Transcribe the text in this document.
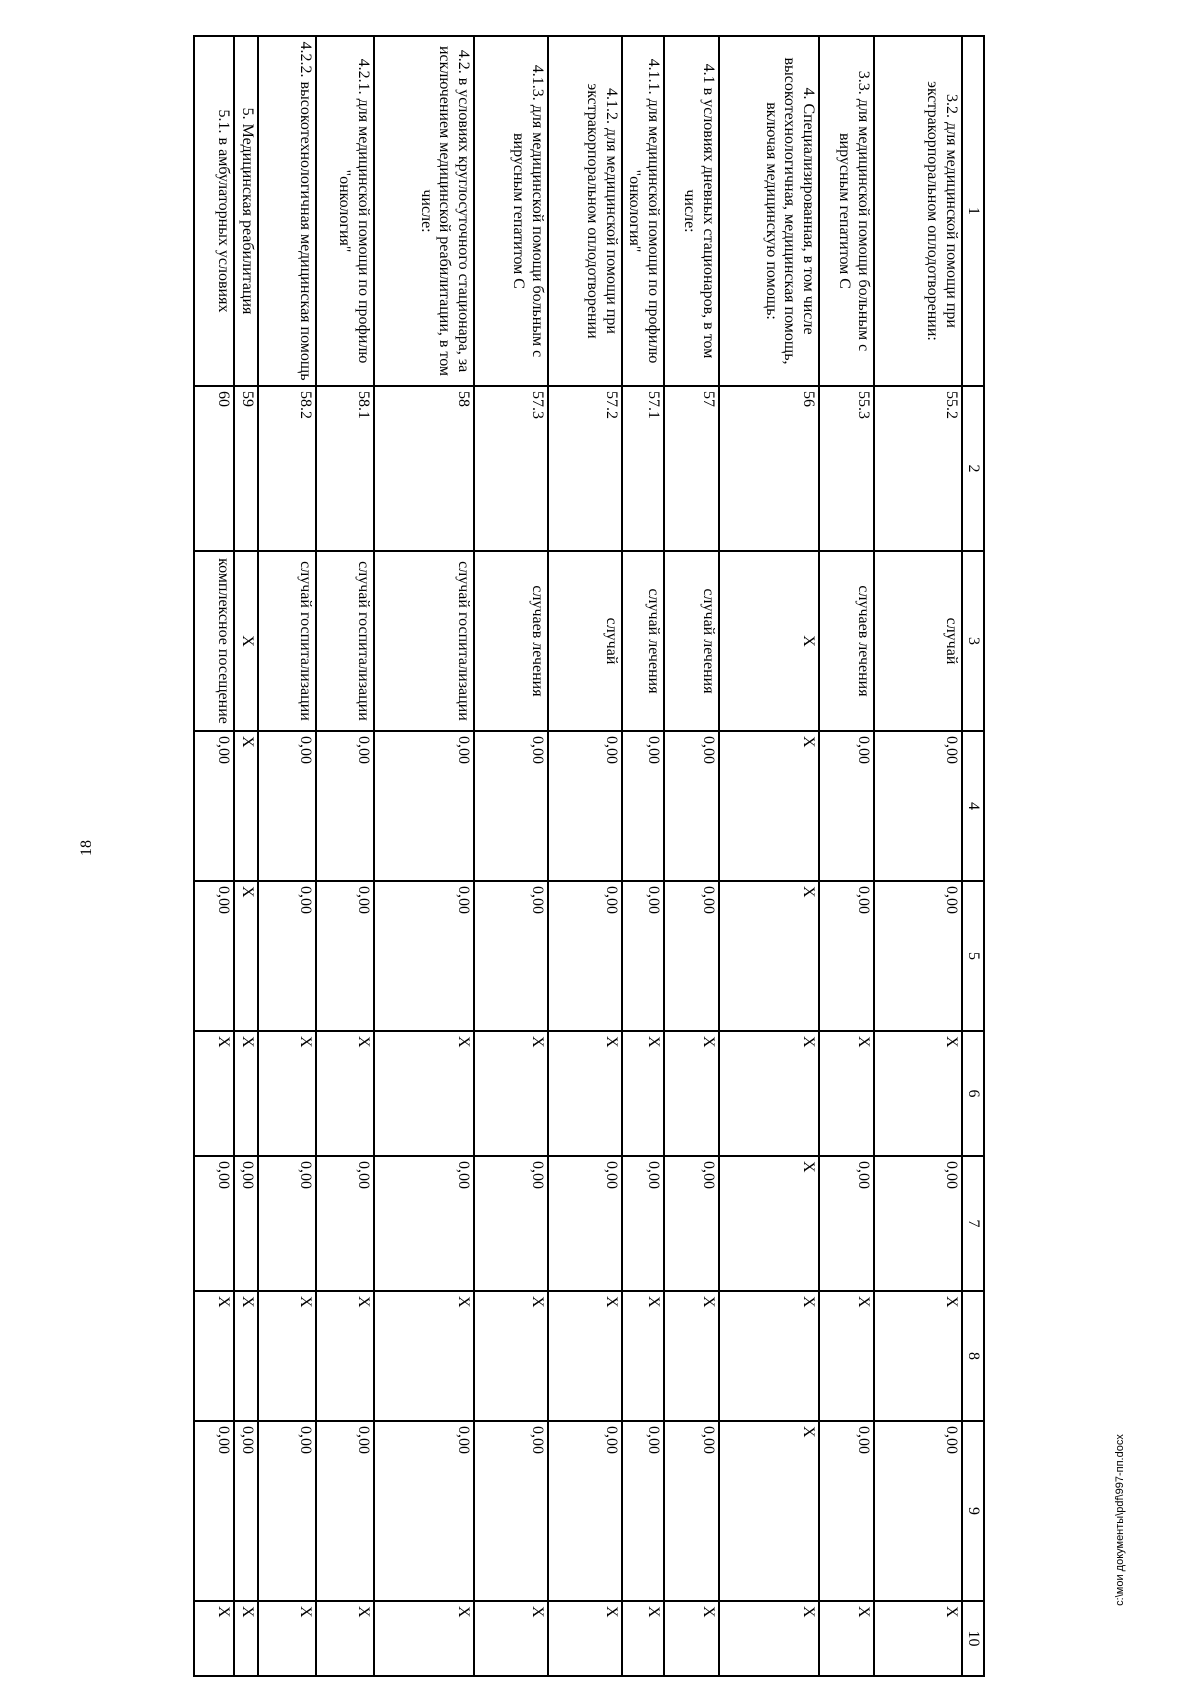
18
1	2	3	4	5	6	7	8	9	10
3.2. для медицинской помощи при экстракорпоральном оплодотворении:	55.2	случай	0,00	0,00	X	0,00	X	0,00	X
3.3. для медицинской помощи больным с вирусным гепатитом С	55.3	случаев лечения	0,00	0,00	X	0,00	X	0,00	X
4. Специализированная, в том числе высокотехнологичная, медицинская помощь, включая медицинскую помощь:	56	X	X	X	X	X	X	X	X
4.1 в условиях дневных стационаров, в том числе:	57	случай лечения	0,00	0,00	X	0,00	X	0,00	X
4.1.1. для медицинской помощи по профилю "онкология"	57.1	случай лечения	0,00	0,00	X	0,00	X	0,00	X
4.1.2. для медицинской помощи при экстракорпоральном оплодотворении	57.2	случай	0,00	0,00	X	0,00	X	0,00	X
4.1.3. для медицинской помощи больным с вирусным гепатитом С	57.3	случаев лечения	0,00	0,00	X	0,00	X	0,00	X
4.2. в условиях круглосуточного стационара, за исключением медицинской реабилитации, в том числе:	58	случай госпитализации	0,00	0,00	X	0,00	X	0,00	X
4.2.1. для медицинской помощи по профилю "онкология"	58.1	случай госпитализации	0,00	0,00	X	0,00	X	0,00	X
4.2.2. высокотехнологичная медицинская помощь	58.2	случай госпитализации	0,00	0,00	X	0,00	X	0,00	X
5. Медицинская реабилитация	59	X	X	X	X	0,00	X	0,00	X
5.1. в амбулаторных условиях	60	комплексное посещение	0,00	0,00	X	0,00	X	0,00	X
c:\мои документы\pdf\997-пп.docx
